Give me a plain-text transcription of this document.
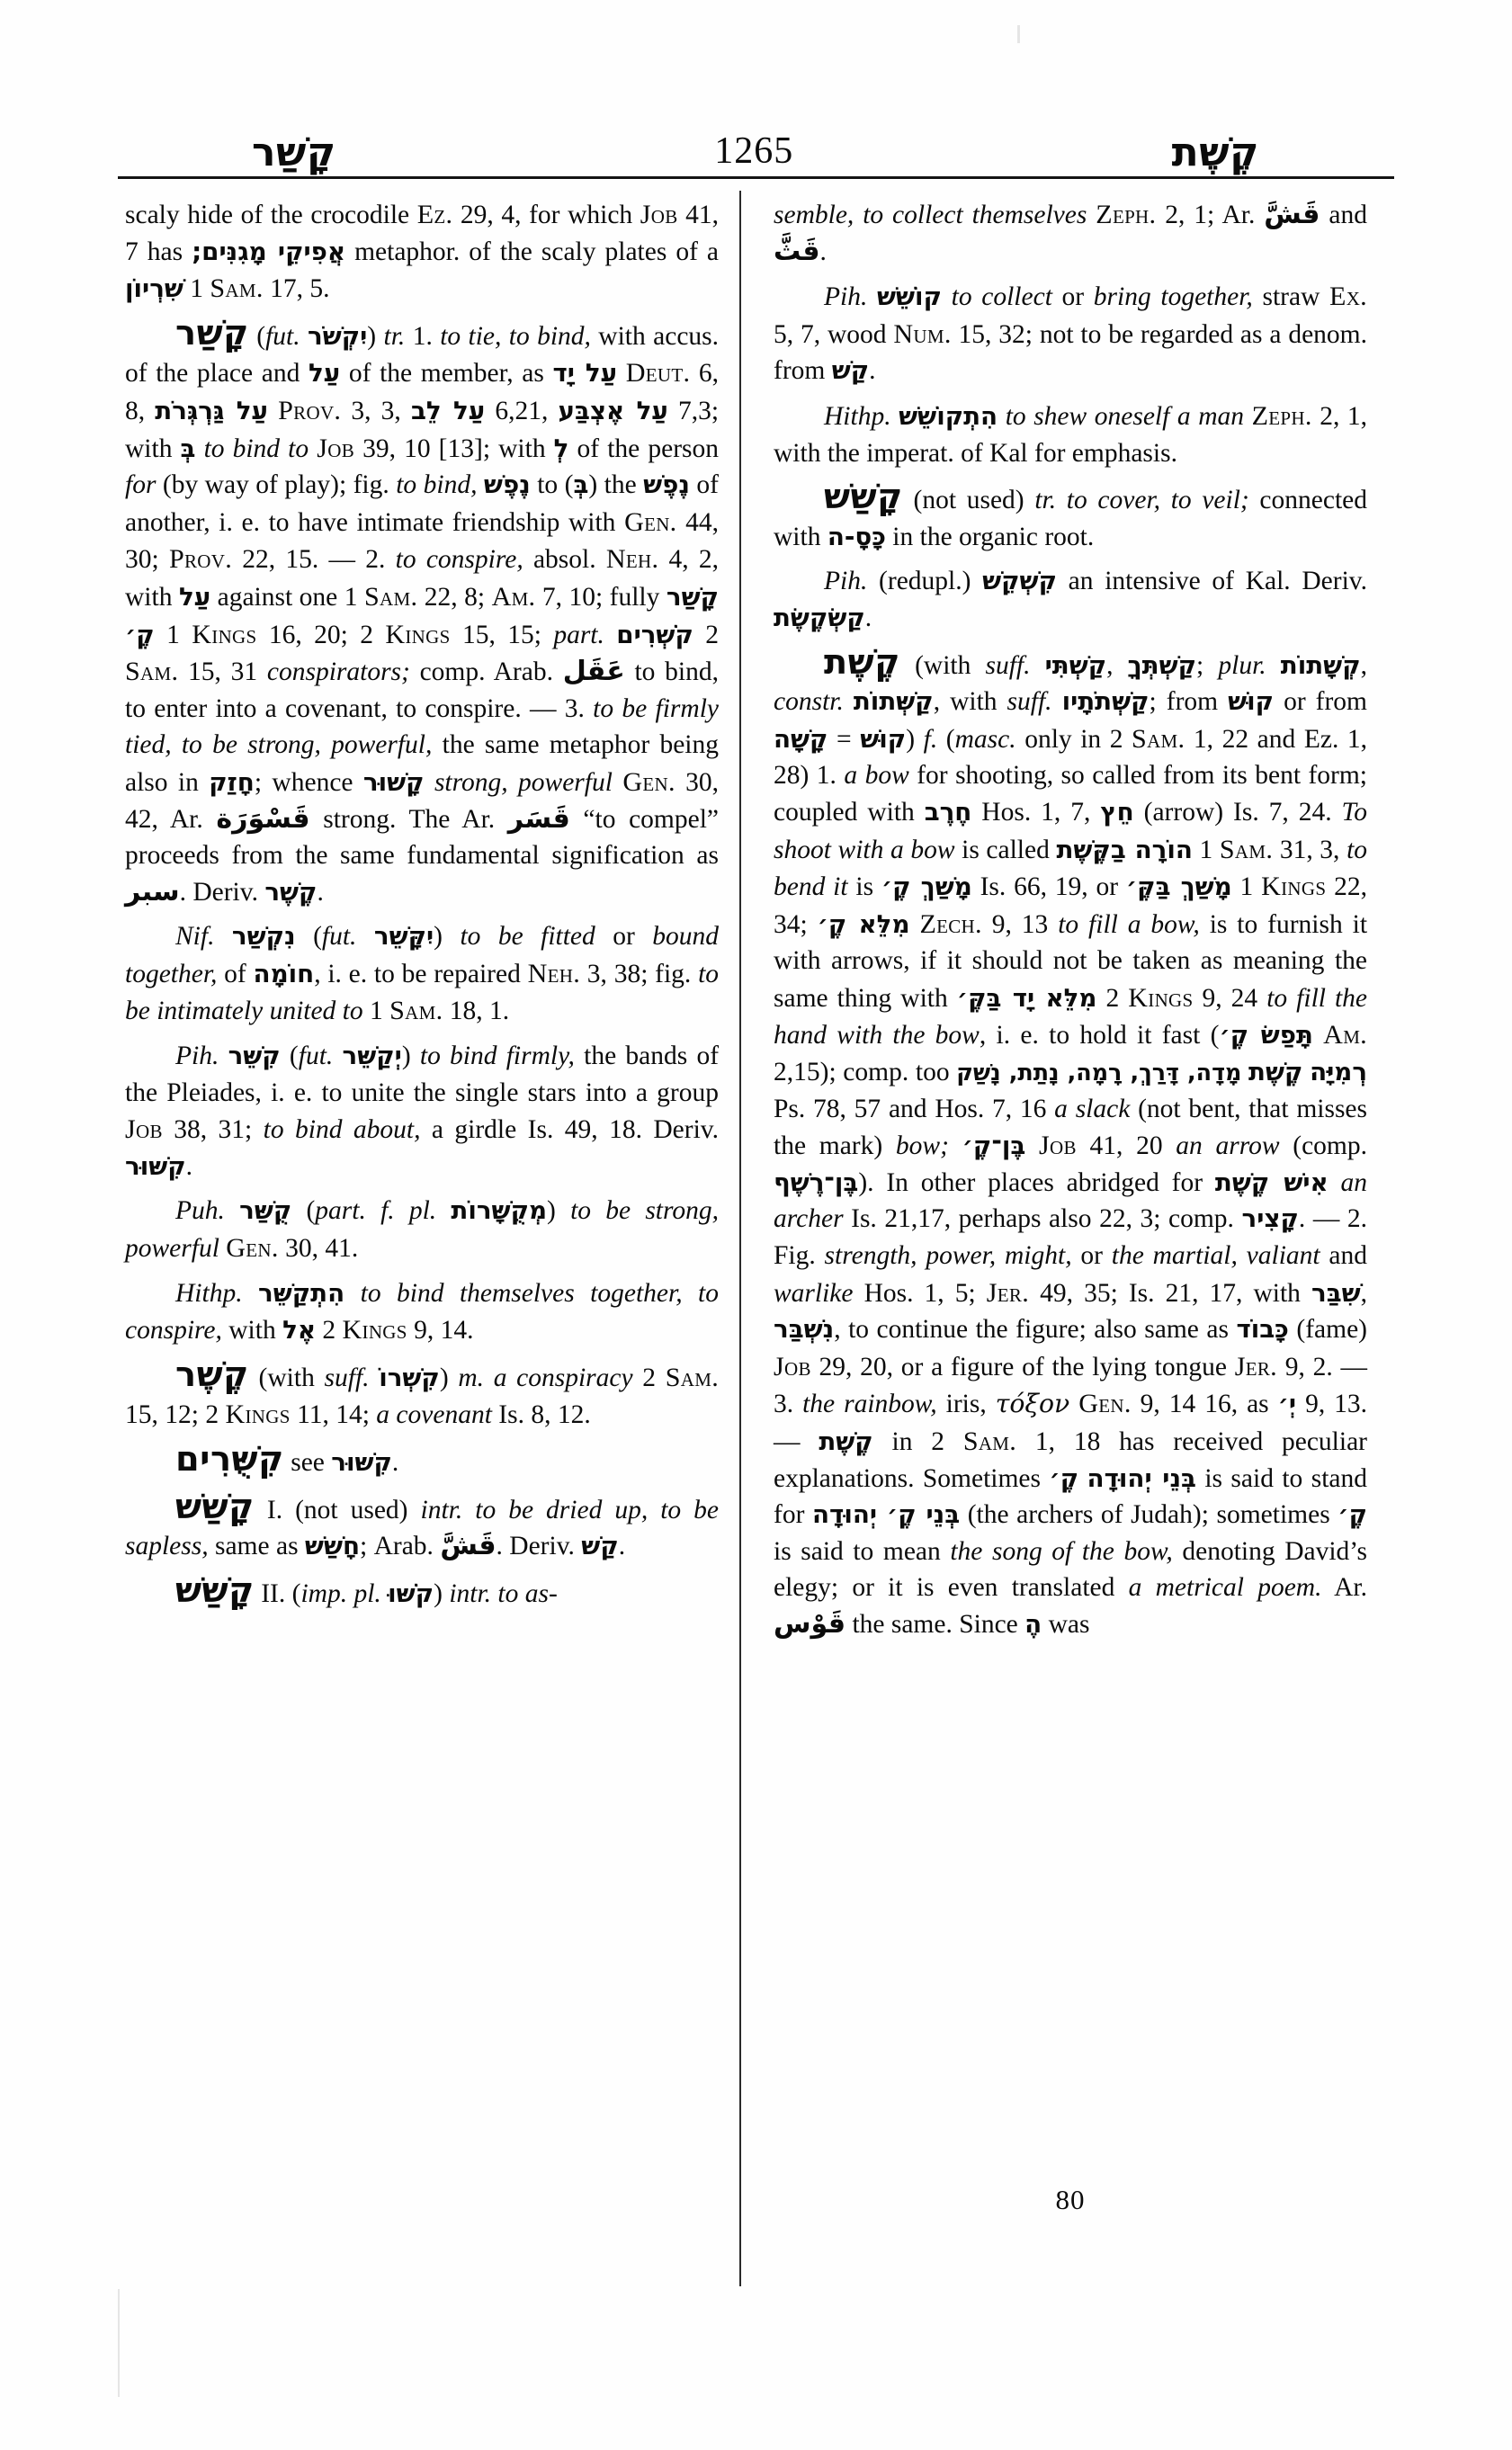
קָשַׁר	1265	קֶשֶׁת

scaly hide of the crocodile Ez. 29, 4, for which Job 41, 7 has אֲפִיקֵי מָגִנִּים; metaphor. of the scaly plates of a שִׁרְיוֹן 1 Sam. 17, 5.

קָשַׁר (fut. יִקְשֹׁר) tr. 1. to tie, to bind, with accus. of the place and עַל of the member, as עַל יָד Deut. 6, 8, עַל גַּרְגְּרֹת Prov. 3, 3, עַל לֵב 6,21, עַל אֶצְבַּע 7,3; with בְּ to bind to Job 39, 10 [13]; with לְ of the person for (by way of play); fig. to bind, נֶפֶשׁ to (בְּ) the נֶפֶשׁ of another, i. e. to have intimate friendship with Gen. 44, 30; Prov. 22, 15. — 2. to conspire, absol. Neh. 4, 2, with עַל against one 1 Sam. 22, 8; Am. 7, 10; fully קָשַׁר קֶ׳ 1 Kings 16, 20; 2 Kings 15, 15; part. קֹשְׁרִים 2 Sam. 15, 31 conspirators; comp. Arab. عَقَل to bind, to enter into a covenant, to conspire. — 3. to be firmly tied, to be strong, powerful, the same metaphor being also in חָזַק; whence קָשׁוּר strong, powerful Gen. 30, 42, Ar. قَسْوَرَة strong. The Ar. قَسَر “to compel” proceeds from the same fundamental signification as سبر. Deriv. קֶשֶׁר.

Nif. נִקְשַׁר (fut. יִקָּשֵׁר) to be fitted or bound together, of חוֹמָה, i. e. to be repaired Neh. 3, 38; fig. to be intimately united to 1 Sam. 18, 1.

Pih. קִשֵּׁר (fut. יְקַשֵּׁר) to bind firmly, the bands of the Pleiades, i. e. to unite the single stars into a group Job 38, 31; to bind about, a girdle Is. 49, 18. Deriv. קִשּׁוּר.

Puh. קֻשַּׁר (part. f. pl. מְקֻשָּׁרוֹת) to be strong, powerful Gen. 30, 41.

Hithp. הִתְקַשֵּׁר to bind themselves together, to conspire, with אֶל 2 Kings 9, 14.

קֶשֶׁר (with suff. קִשְׁרוֹ) m. a conspiracy 2 Sam. 15, 12; 2 Kings 11, 14; a covenant Is. 8, 12.

קִשֻּׁרִים see קִשּׁוּר.

קָשַׁשׁ I. (not used) intr. to be dried up, to be sapless, same as חָשַׁשׁ; Arab. قَشَّ. Deriv. קַשׁ.

קָשַׁשׁ II. (imp. pl. קֹשּׁוּ) intr. to as-

semble, to collect themselves Zeph. 2, 1; Ar. قَشَّ and قَثَّ.

Pih. קוֹשֵׁשׁ to collect or bring together, straw Ex. 5, 7, wood Num. 15, 32; not to be regarded as a denom. from קַשׁ.

Hithp. הִתְקוֹשֵׁשׁ to shew oneself a man Zeph. 2, 1, with the imperat. of Kal for emphasis.

קָשַׁשׁ (not used) tr. to cover, to veil; connected with כָּסָ-ה in the organic root.

Pih. (redupl.) קִשְׁקֵשׁ an intensive of Kal. Deriv. קַשְׂקֶשֶׂת.

קֶשֶׁת (with suff. קַשְׁתִּי, קַשְׁתְּךָ; plur. קְשָׁתוֹת, constr. קַשְּׁתוֹת, with suff. קַשְּׁתֹתָיו; from קוּשׁ or from קָשָׁה = קוּשׁ) f. (masc. only in 2 Sam. 1, 22 and Ez. 1, 28) 1. a bow for shooting, so called from its bent form; coupled with חֶרֶב Hos. 1, 7, חֵץ (arrow) Is. 7, 24. To shoot with a bow is called הוֹרָה בַקֶּשֶׁת 1 Sam. 31, 3, to bend it is מָשַׁךְ קֶ׳ Is. 66, 19, or מָשַׁךְ בַּקֶּ׳ 1 Kings 22, 34; מִלֵּא קֶ׳ Zech. 9, 13 to fill a bow, is to furnish it with arrows, if it should not be taken as meaning the same thing with מִלֵּא יָד בַּקֶּ׳ 2 Kings 9, 24 to fill the hand with the bow, i. e. to hold it fast (תָּפַשׂ קֶ׳ Am. 2,15); comp. too מָדָה, דָּרַךְ, רָמָה, נָתַת, נָשַׁק קֶשֶׁת רְמִיָּה Ps. 78, 57 and Hos. 7, 16 a slack (not bent, that misses the mark) bow; בֶּן־קֶ׳ Job 41, 20 an arrow (comp. בֶּן־רֶשֶׁף). In other places abridged for אִישׁ קֶשֶׁת an archer Is. 21,17, perhaps also 22, 3; comp. קָצִיר. — 2. Fig. strength, power, might, or the martial, valiant and warlike Hos. 1, 5; Jer. 49, 35; Is. 21, 17, with שִׁבַּר, נִשְׁבַּר, to continue the figure; also same as כָּבוֹד (fame) Job 29, 20, or a figure of the lying tongue Jer. 9, 2. — 3. the rainbow, iris, τόξον Gen. 9, 14 16, as יְ׳ 9, 13. — קֶשֶׁת in 2 Sam. 1, 18 has received peculiar explanations. Sometimes קֶ׳ בְּנֵי יְהוּדָה is said to stand for בְּנֵי קֶ׳ יְהוּדָה (the archers of Judah); sometimes קֶ׳ is said to mean the song of the bow, denoting David’s elegy; or it is even translated a metrical poem. Ar. قَوْس the same. Since הֶ was

80
